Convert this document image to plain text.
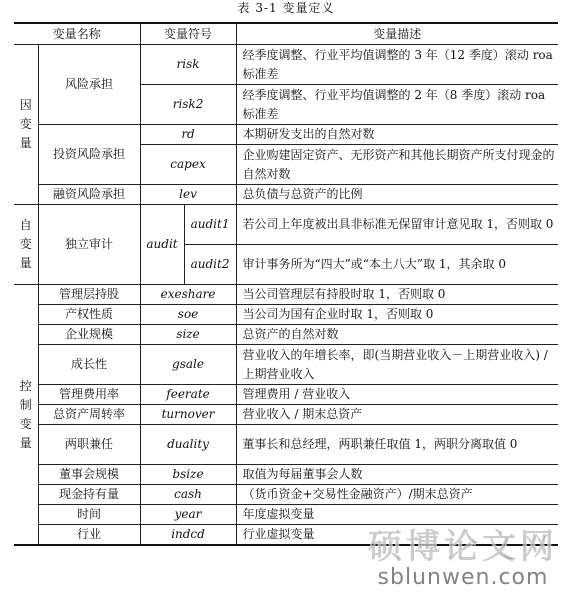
表 3-1 变量定义
变量名称		变量符号		变量描述

因
变
量	风险承担	risk		经季度调整、行业平均值调整的 3 年（12 季度）滚动 roa 标准差
		risk2		经季度调整、行业平均值调整的 2 年（8 季度）滚动 roa 标准差
	投资风险承担	rd		本期研发支出的自然对数
		capex		企业购建固定资产、无形资产和其他长期资产所支付现金的自然对数
	融资风险承担	lev		总负债与总资产的比例

自
变
量	独立审计	audit	audit1	若公司上年度被出具非标准无保留审计意见取 1，否则取 0
			audit2	审计事务所为“四大”或“本土八大”取 1，其余取 0

控
制
变
量	管理层持股	exeshare		当公司管理层有持股时取 1，否则取 0
	产权性质	soe		当公司为国有企业时取 1，否则取 0
	企业规模	size		总资产的自然对数
	成长性	gsale		营业收入的年增长率，即(当期营业收入－上期营业收入) /上期营业收入
	管理费用率	feerate		管理费用 / 营业收入
	总资产周转率	turnover		营业收入 / 期末总资产
	两职兼任	duality		董事长和总经理，两职兼任取值 1，两职分离取值 0
	董事会规模	bsize		取值为每届董事会人数
	现金持有量	cash		（货币资金+交易性金融资产）/期末总资产
	时间	year		年度虚拟变量
	行业	indcd		行业虚拟变量 硕博论文网
sblunwen.com
